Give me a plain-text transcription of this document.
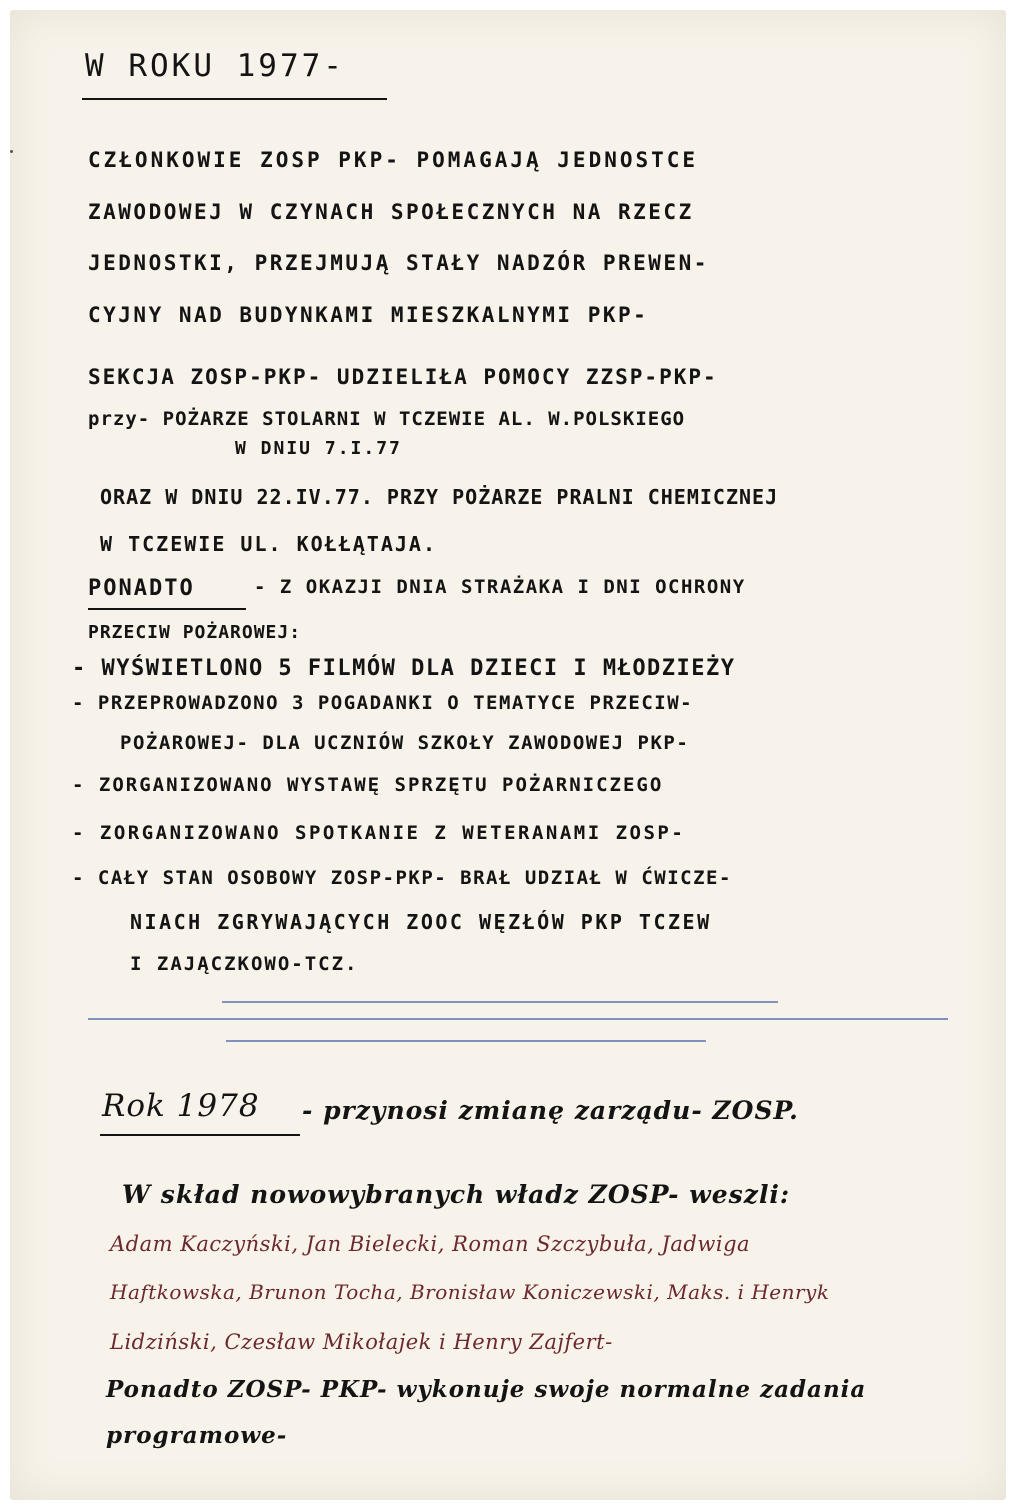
W ROKU 1977-
CZŁONKOWIE ZOSP PKP- POMAGAJĄ JEDNOSTCE
ZAWODOWEJ W CZYNACH SPOŁECZNYCH NA RZECZ
JEDNOSTKI, PRZEJMUJĄ STAŁY NADZÓR PREWEN-
CYJNY NAD BUDYNKAMI MIESZKALNYMI PKP-
SEKCJA ZOSP-PKP- UDZIELIŁA POMOCY ZZSP-PKP-
przy- POŻARZE STOLARNI W TCZEWIE AL. W.POLSKIEGO
W DNIU 7.I.77
ORAZ W DNIU 22.IV.77. PRZY POŻARZE PRALNI CHEMICZNEJ
W TCZEWIE UL. KOŁŁĄTAJA.
PONADTO	- Z OKAZJI DNIA STRAŻAKA I DNI OCHRONY
PRZECIW POŻAROWEJ:
- WYŚWIETLONO 5 FILMÓW DLA DZIECI I MŁODZIEŻY
- PRZEPROWADZONO 3 POGADANKI O TEMATYCE PRZECIW-
POŻAROWEJ- DLA UCZNIÓW SZKOŁY ZAWODOWEJ PKP-
- ZORGANIZOWANO WYSTAWĘ SPRZĘTU POŻARNICZEGO
- ZORGANIZOWANO SPOTKANIE Z WETERANAMI ZOSP-
- CAŁY STAN OSOBOWY ZOSP-PKP- BRAŁ UDZIAŁ W ĆWICZE-
NIACH ZGRYWAJĄCYCH ZOOC WĘZŁÓW PKP TCZEW
I ZAJĄCZKOWO-TCZ.
Rok 1978 - przynosi zmianę zarządu- ZOSP.
W skład nowowybranych władz ZOSP- weszli:
Adam Kaczyński, Jan Bielecki, Roman Szczybuła, Jadwiga
Haftkowska, Brunon Tocha, Bronisław Koniczewski, Maks. i Henryk
Lidziński, Czesław Mikołajek i Henry Zajfert-
Ponadto ZOSP- PKP- wykonuje swoje normalne zadania
programowe-
